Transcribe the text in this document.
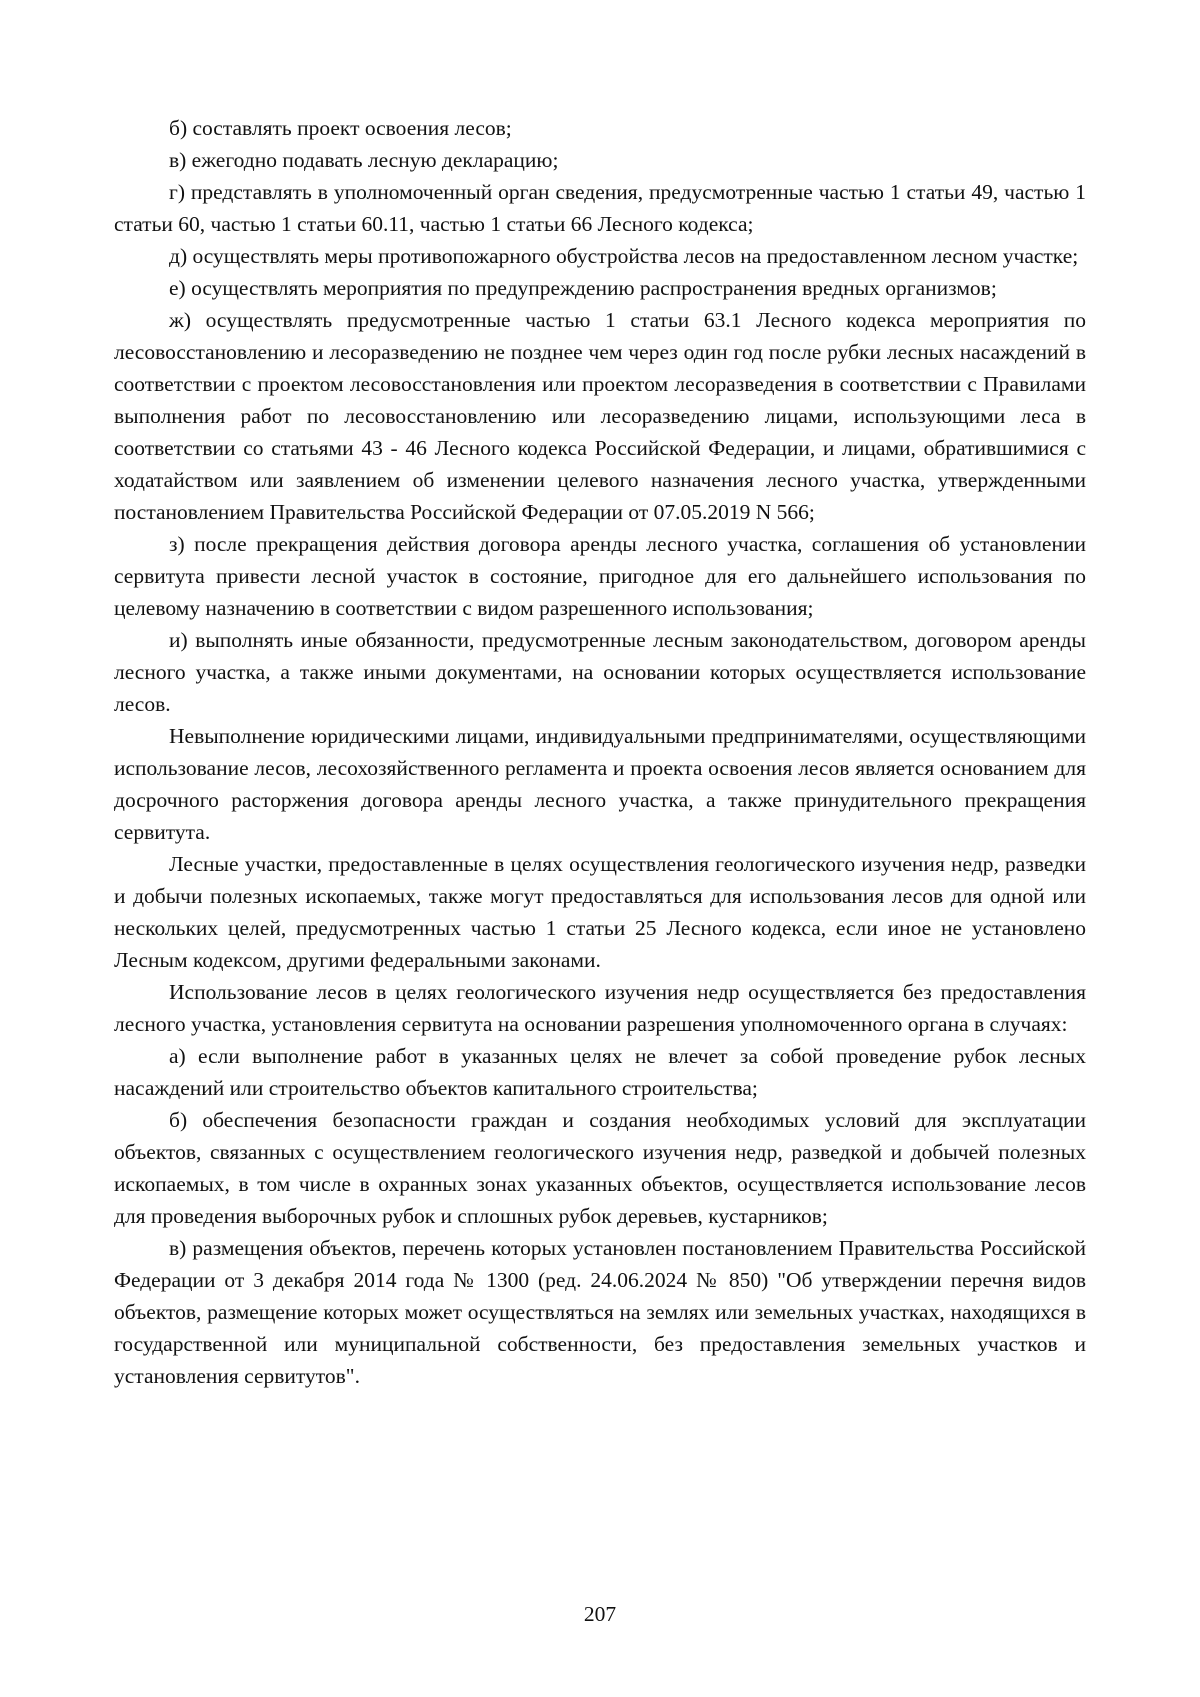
б) составлять проект освоения лесов;

в) ежегодно подавать лесную декларацию;

г) представлять в уполномоченный орган сведения, предусмотренные частью 1 статьи 49, частью 1 статьи 60, частью 1 статьи 60.11, частью 1 статьи 66 Лесного кодекса;

д) осуществлять меры противопожарного обустройства лесов на предоставленном лесном участке;

е) осуществлять мероприятия по предупреждению распространения вредных организмов;

ж) осуществлять предусмотренные частью 1 статьи 63.1 Лесного кодекса мероприятия по лесовосстановлению и лесоразведению не позднее чем через один год после рубки лесных насаждений в соответствии с проектом лесовосстановления или проектом лесоразведения в соответствии с Правилами выполнения работ по лесовосстановлению или лесоразведению лицами, использующими леса в соответствии со статьями 43 - 46 Лесного кодекса Российской Федерации, и лицами, обратившимися с ходатайством или заявлением об изменении целевого назначения лесного участка, утвержденными постановлением Правительства Российской Федерации от 07.05.2019 N 566;

з) после прекращения действия договора аренды лесного участка, соглашения об установлении сервитута привести лесной участок в состояние, пригодное для его дальнейшего использования по целевому назначению в соответствии с видом разрешенного использования;

и) выполнять иные обязанности, предусмотренные лесным законодательством, договором аренды лесного участка, а также иными документами, на основании которых осуществляется использование лесов.

Невыполнение юридическими лицами, индивидуальными предпринимателями, осуществляющими использование лесов, лесохозяйственного регламента и проекта освоения лесов является основанием для досрочного расторжения договора аренды лесного участка, а также принудительного прекращения сервитута.

Лесные участки, предоставленные в целях осуществления геологического изучения недр, разведки и добычи полезных ископаемых, также могут предоставляться для использования лесов для одной или нескольких целей, предусмотренных частью 1 статьи 25 Лесного кодекса, если иное не установлено Лесным кодексом, другими федеральными законами.

Использование лесов в целях геологического изучения недр осуществляется без предоставления лесного участка, установления сервитута на основании разрешения уполномоченного органа в случаях:

а) если выполнение работ в указанных целях не влечет за собой проведение рубок лесных насаждений или строительство объектов капитального строительства;

б) обеспечения безопасности граждан и создания необходимых условий для эксплуатации объектов, связанных с осуществлением геологического изучения недр, разведкой и добычей полезных ископаемых, в том числе в охранных зонах указанных объектов, осуществляется использование лесов для проведения выборочных рубок и сплошных рубок деревьев, кустарников;

в) размещения объектов, перечень которых установлен постановлением Правительства Российской Федерации от 3 декабря 2014 года № 1300 (ред. 24.06.2024 № 850) "Об утверждении перечня видов объектов, размещение которых может осуществляться на землях или земельных участках, находящихся в государственной или муниципальной собственности, без предоставления земельных участков и установления сервитутов".

207
